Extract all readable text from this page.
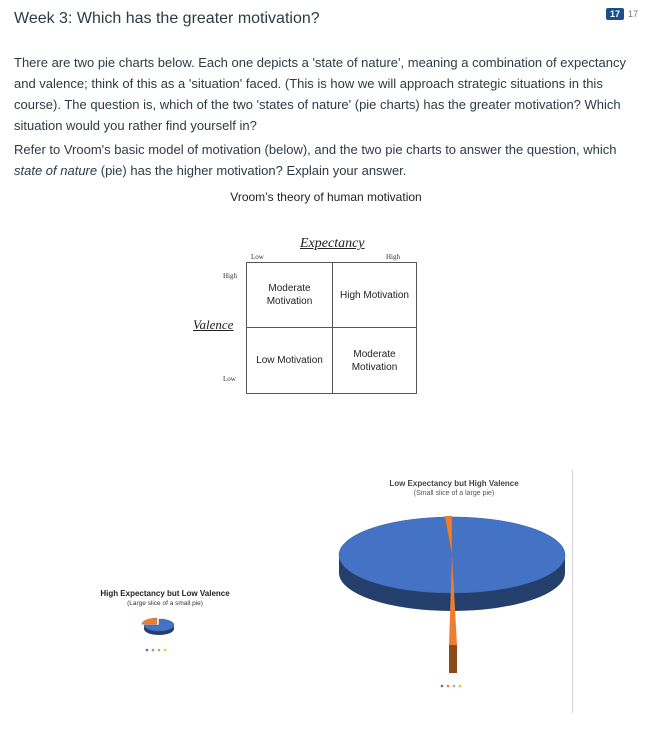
Week 3: Which has the greater motivation?	17 17
There are two pie charts below. Each one depicts a 'state of nature', meaning a combination of expectancy and valence; think of this as a 'situation' faced. (This is how we will approach strategic situations in this course). The question is, which of the two 'states of nature' (pie charts) has the greater motivation? Which situation would you rather find yourself in?
Refer to Vroom's basic model of motivation (below), and the two pie charts to answer the question, which state of nature (pie) has the higher motivation? Explain your answer.
Vroom’s theory of human motivation
Expectancy
Low	High
Valence
High
Low
Moderate Motivation
High Motivation
Low Motivation
Moderate Motivation
High Expectancy but Low Valence
(Large slice of a small pie)
Low Expectancy but High Valence
(Small slice of a large pie)
